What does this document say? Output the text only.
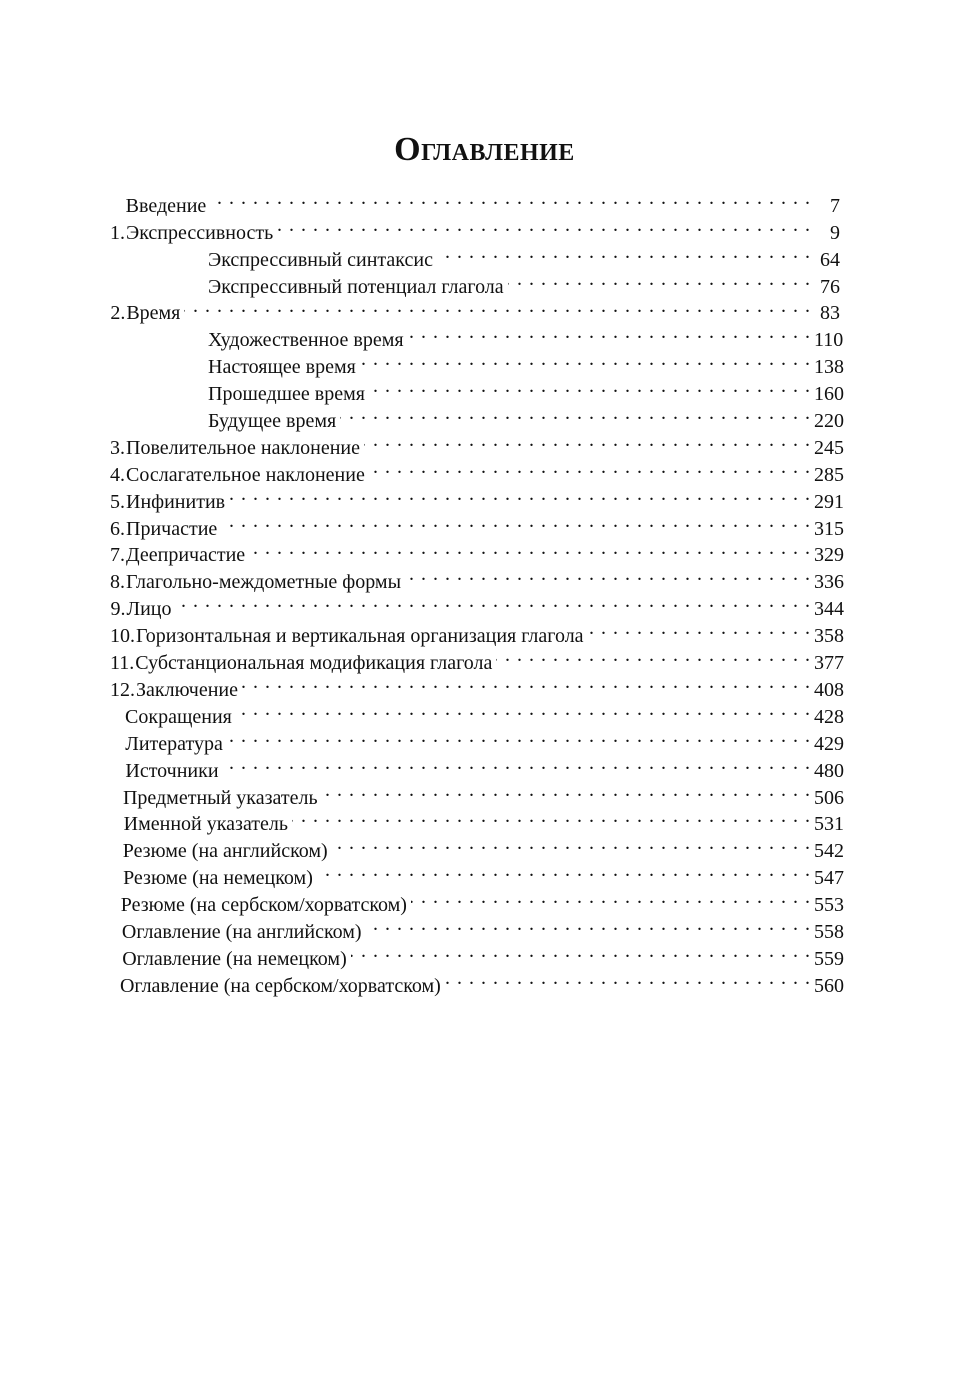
Оглавление
Введение . . .	7
1. Экспрессивность . . .	9
Экспрессивный синтаксис . . .	64
Экспрессивный потенциал глагола . . .	76
2. Время . . .	83
Художественное время . . .	110
Настоящее время . . .	138
Прошедшее время . . .	160
Будущее время . . .	220
3. Повелительное наклонение . . .	245
4. Сослагательное наклонение . . .	285
5. Инфинитив . . .	291
6. Причастие . . .	315
7. Деепричастие . . .	329
8. Глагольно-междометные формы . . .	336
9. Лицо . . .	344
10. Горизонтальная и вертикальная организация глагола . . .	358
11. Субстанциональная модификация глагола . . .	377
12. Заключение . . .	408
Сокращения . . .	428
Литература . . .	429
Источники . . .	480
Предметный указатель . . .	506
Именной указатель . . .	531
Резюме (на английском) . . .	542
Резюме (на немецком) . . .	547
Резюме (на сербском/хорватском) . . .	553
Оглавление (на английском) . . .	558
Оглавление (на немецком) . . .	559
Оглавление (на сербском/хорватском) . . .	560
